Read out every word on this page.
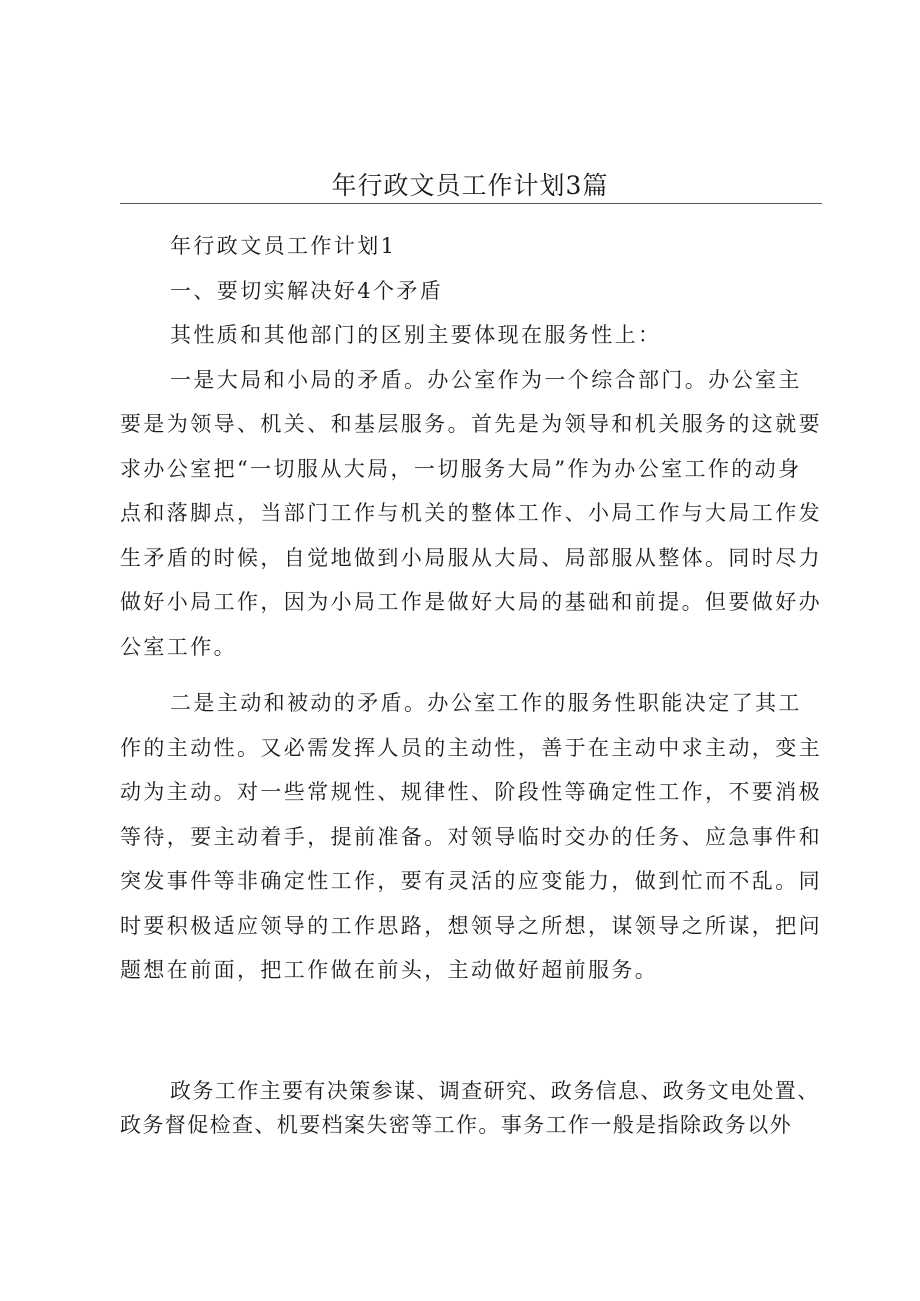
年行政文员工作计划3篇

年行政文员工作计划1

一、要切实解决好4个矛盾

其性质和其他部门的区别主要体现在服务性上：

一是大局和小局的矛盾。办公室作为一个综合部门。办公室主要是为领导、机关、和基层服务。首先是为领导和机关服务的这就要求办公室把“一切服从大局，一切服务大局”作为办公室工作的动身点和落脚点，当部门工作与机关的整体工作、小局工作与大局工作发生矛盾的时候，自觉地做到小局服从大局、局部服从整体。同时尽力做好小局工作，因为小局工作是做好大局的基础和前提。但要做好办公室工作。

二是主动和被动的矛盾。办公室工作的服务性职能决定了其工作的主动性。又必需发挥人员的主动性，善于在主动中求主动，变主动为主动。对一些常规性、规律性、阶段性等确定性工作，不要消极等待，要主动着手，提前准备。对领导临时交办的任务、应急事件和突发事件等非确定性工作，要有灵活的应变能力，做到忙而不乱。同时要积极适应领导的工作思路，想领导之所想，谋领导之所谋，把问题想在前面，把工作做在前头，主动做好超前服务。

政务工作主要有决策参谋、调查研究、政务信息、政务文电处置、政务督促检查、机要档案失密等工作。事务工作一般是指除政务以外
